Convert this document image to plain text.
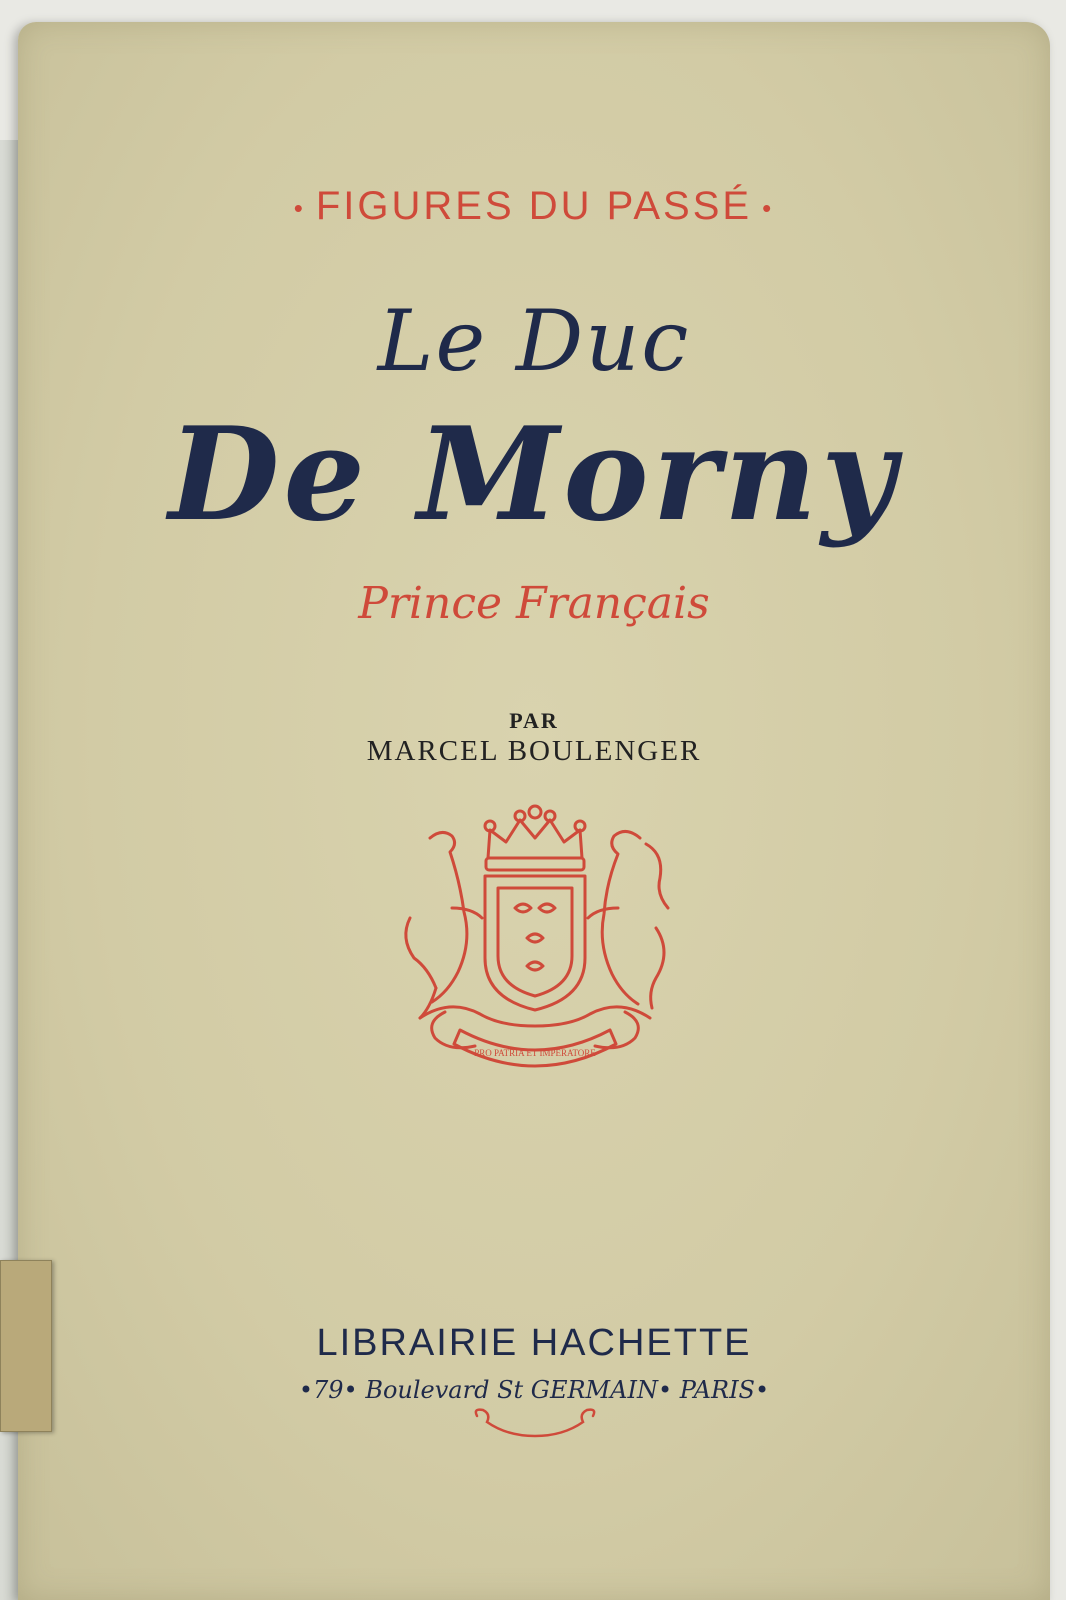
• FIGURES DU PASSÉ •
Le Duc
De Morny
Prince Français
PAR
MARCEL BOULENGER
PRO PATRIA ET IMPERATORE
LIBRAIRIE HACHETTE
•79• Boulevard St GERMAIN• PARIS•
